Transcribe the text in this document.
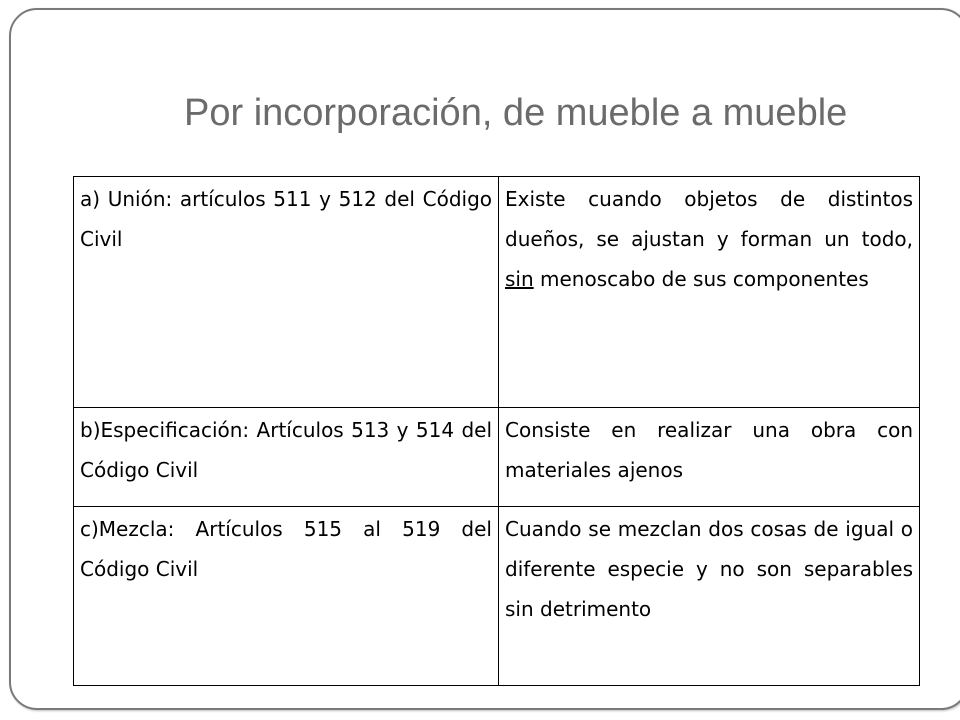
Por incorporación, de mueble a mueble
a) Unión: artículos 511 y 512 del Código Civil	Existe cuando objetos de distintos dueños, se ajustan y forman un todo, sin menoscabo de sus componentes
b)Especificación: Artículos 513 y 514 del Código Civil	Consiste en realizar una obra con materiales ajenos
c)Mezcla: Artículos 515 al 519 del Código Civil	Cuando se mezclan dos cosas de igual o diferente especie y no son separables sin detrimento
